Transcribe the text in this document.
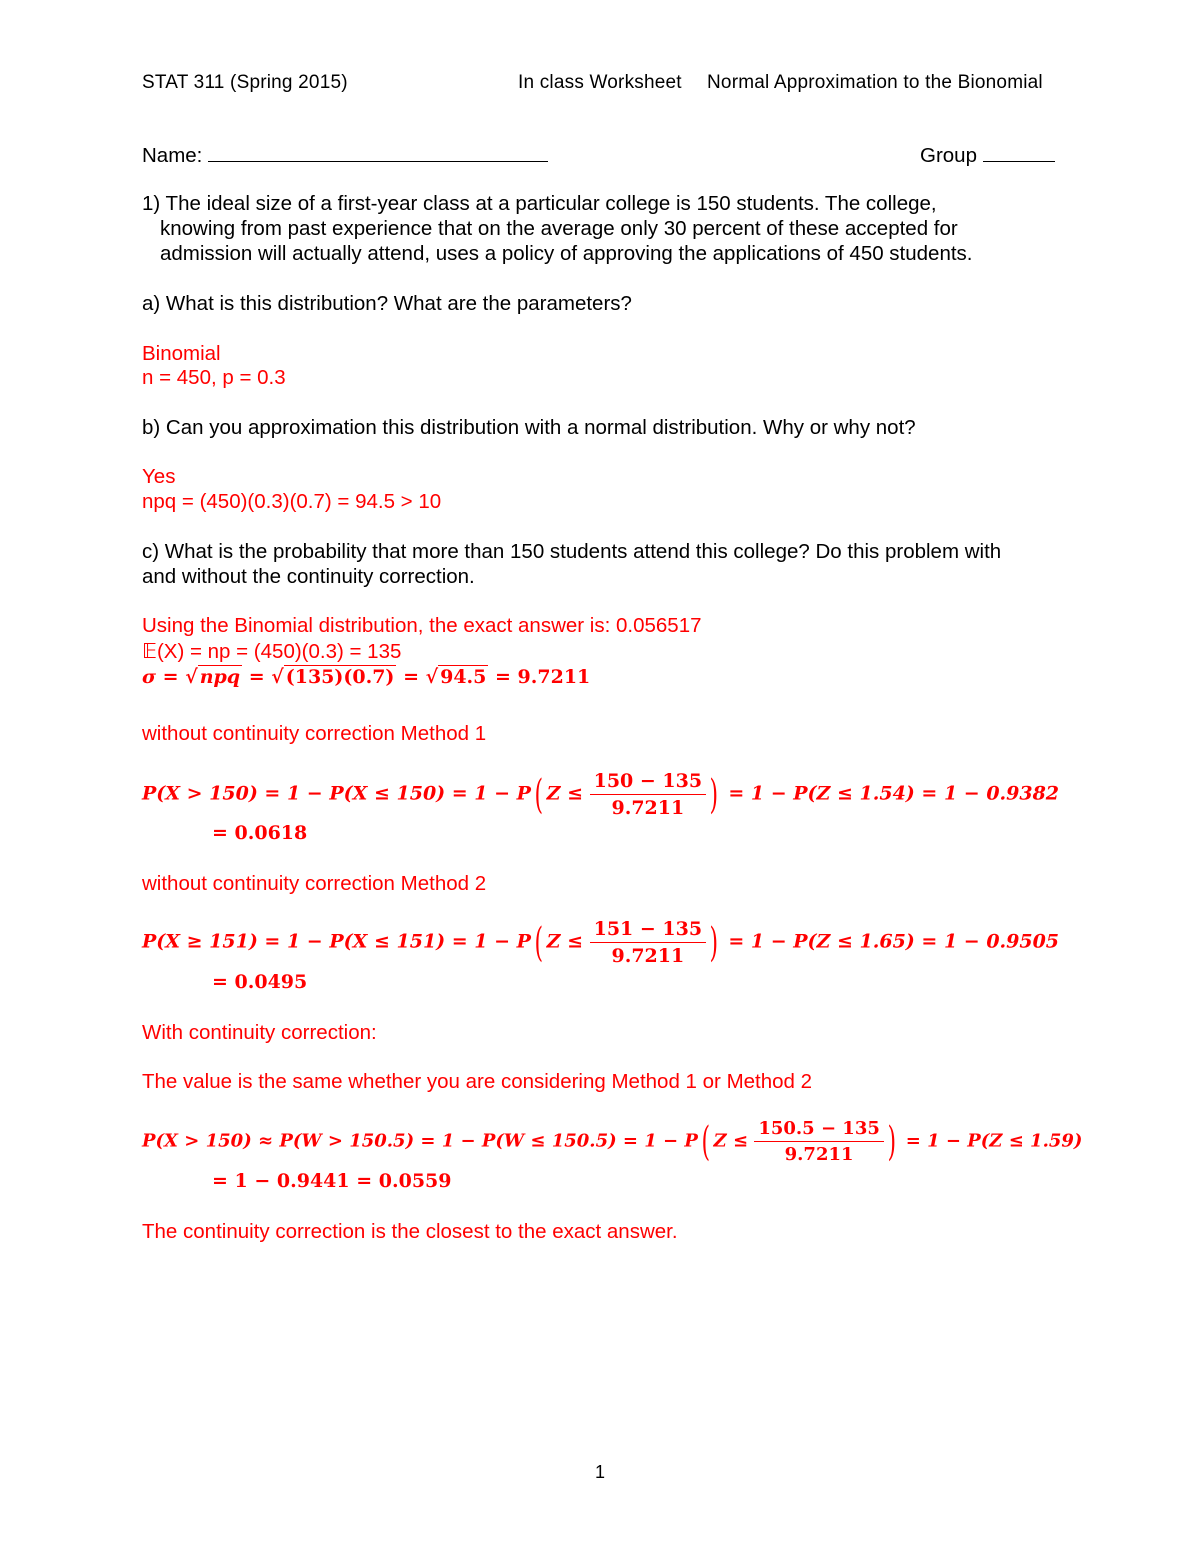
STAT 311 (Spring 2015)	In class Worksheet Normal Approximation to the Bionomial
Name:	Group
1) The ideal size of a first-year class at a particular college is 150 students. The college,
knowing from past experience that on the average only 30 percent of these accepted for
admission will actually attend, uses a policy of approving the applications of 450 students.
a) What is this distribution? What are the parameters?
Binomial
n = 450, p = 0.3
b) Can you approximation this distribution with a normal distribution. Why or why not?
Yes
npq = (450)(0.3)(0.7) = 94.5 > 10
c) What is the probability that more than 150 students attend this college? Do this problem with
and without the continuity correction.
Using the Binomial distribution, the exact answer is: 0.056517
𝔼(X) = np = (450)(0.3) = 135
σ = √ npq = √ (135)(0.7) = √ 94.5 = 9.7211
without continuity correction Method 1
P(X > 150) = 1 − P(X ≤ 150) = 1 − P( $Z \le \frac{150 - 135}{9.7211}$ ) = 1 − P(Z ≤ 1.54) = 1 − 0.9382
= 0.0618
without continuity correction Method 2
P(X ≥ 151) = 1 − P(X ≤ 151) = 1 − P( $Z \le \frac{151 - 135}{9.7211}$ ) = 1 − P(Z ≤ 1.65) = 1 − 0.9505
= 0.0495
With continuity correction:
The value is the same whether you are considering Method 1 or Method 2
P(X > 150) ≈ P(W > 150.5) = 1 − P(W ≤ 150.5) = 1 − P( $Z \le \frac{150.5 - 135}{9.7211}$ ) = 1 − P(Z ≤ 1.59)
= 1 − 0.9441 = 0.0559
The continuity correction is the closest to the exact answer.
1
